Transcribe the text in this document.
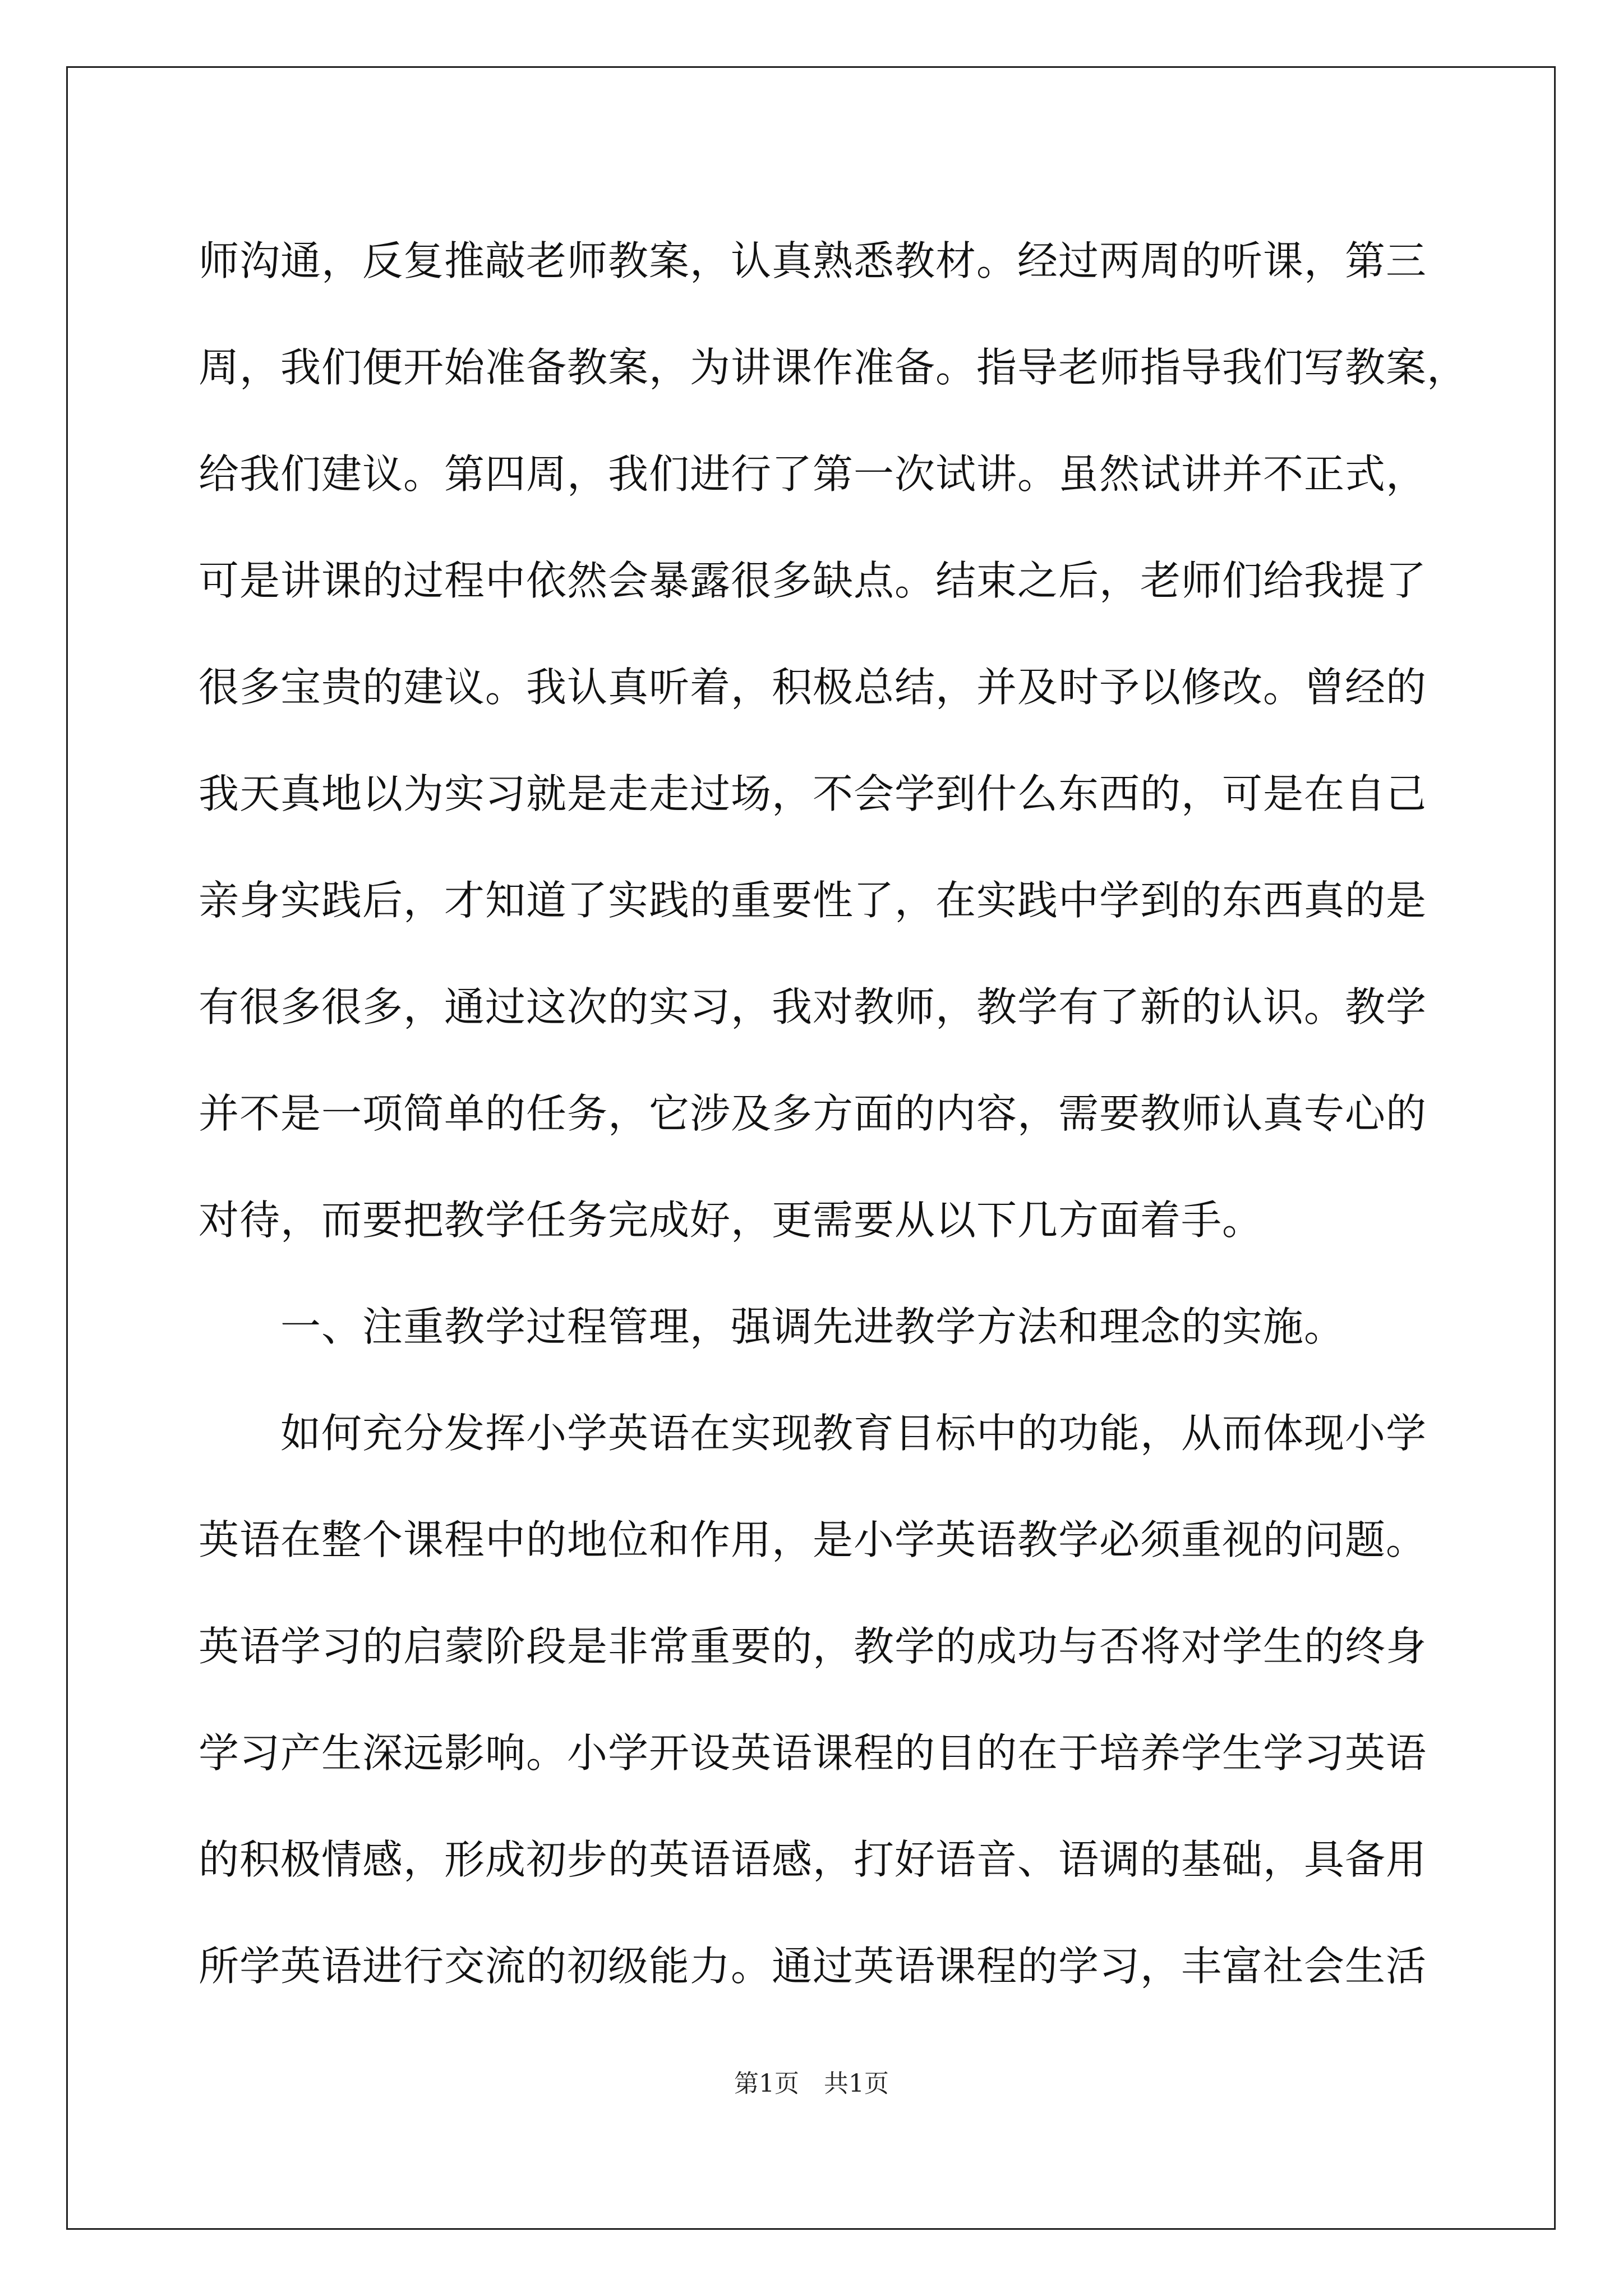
师沟通，反复推敲老师教案，认真熟悉教材。经过两周的听课，第三
周，我们便开始准备教案，为讲课作准备。指导老师指导我们写教案，
给我们建议。第四周，我们进行了第一次试讲。虽然试讲并不正式，
可是讲课的过程中依然会暴露很多缺点。结束之后，老师们给我提了
很多宝贵的建议。我认真听着，积极总结，并及时予以修改。曾经的
我天真地以为实习就是走走过场，不会学到什么东西的，可是在自己
亲身实践后，才知道了实践的重要性了，在实践中学到的东西真的是
有很多很多，通过这次的实习，我对教师，教学有了新的认识。教学
并不是一项简单的任务，它涉及多方面的内容，需要教师认真专心的
对待，而要把教学任务完成好，更需要从以下几方面着手。
　　一、注重教学过程管理，强调先进教学方法和理念的实施。
　　如何充分发挥小学英语在实现教育目标中的功能，从而体现小学
英语在整个课程中的地位和作用，是小学英语教学必须重视的问题。
英语学习的启蒙阶段是非常重要的，教学的成功与否将对学生的终身
学习产生深远影响。小学开设英语课程的目的在于培养学生学习英语
的积极情感，形成初步的英语语感，打好语音、语调的基础，具备用
所学英语进行交流的初级能力。通过英语课程的学习，丰富社会生活
第1页　共1页
